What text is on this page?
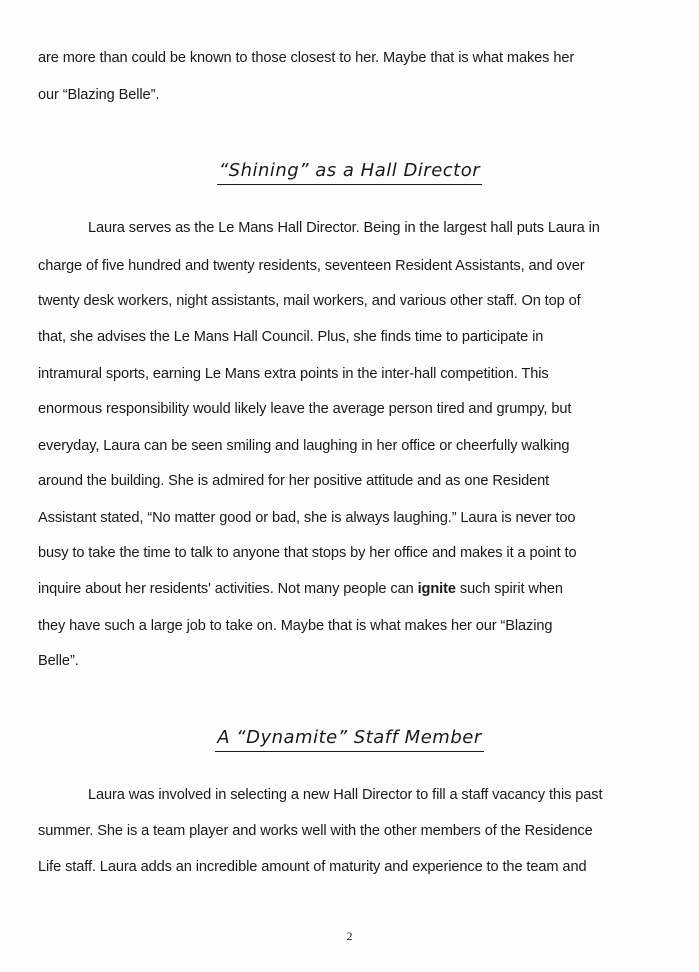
are more than could be known to those closest to her. Maybe that is what makes her
our “Blazing Belle”.
“Shining” as a Hall Director
Laura serves as the Le Mans Hall Director. Being in the largest hall puts Laura in
charge of five hundred and twenty residents, seventeen Resident Assistants, and over
twenty desk workers, night assistants, mail workers, and various other staff. On top of
that, she advises the Le Mans Hall Council. Plus, she finds time to participate in
intramural sports, earning Le Mans extra points in the inter-hall competition. This
enormous responsibility would likely leave the average person tired and grumpy, but
everyday, Laura can be seen smiling and laughing in her office or cheerfully walking
around the building. She is admired for her positive attitude and as one Resident
Assistant stated, “No matter good or bad, she is always laughing.” Laura is never too
busy to take the time to talk to anyone that stops by her office and makes it a point to
inquire about her residents' activities. Not many people can ignite such spirit when
they have such a large job to take on. Maybe that is what makes her our “Blazing
Belle”.
A “Dynamite” Staff Member
Laura was involved in selecting a new Hall Director to fill a staff vacancy this past
summer. She is a team player and works well with the other members of the Residence
Life staff. Laura adds an incredible amount of maturity and experience to the team and
2
